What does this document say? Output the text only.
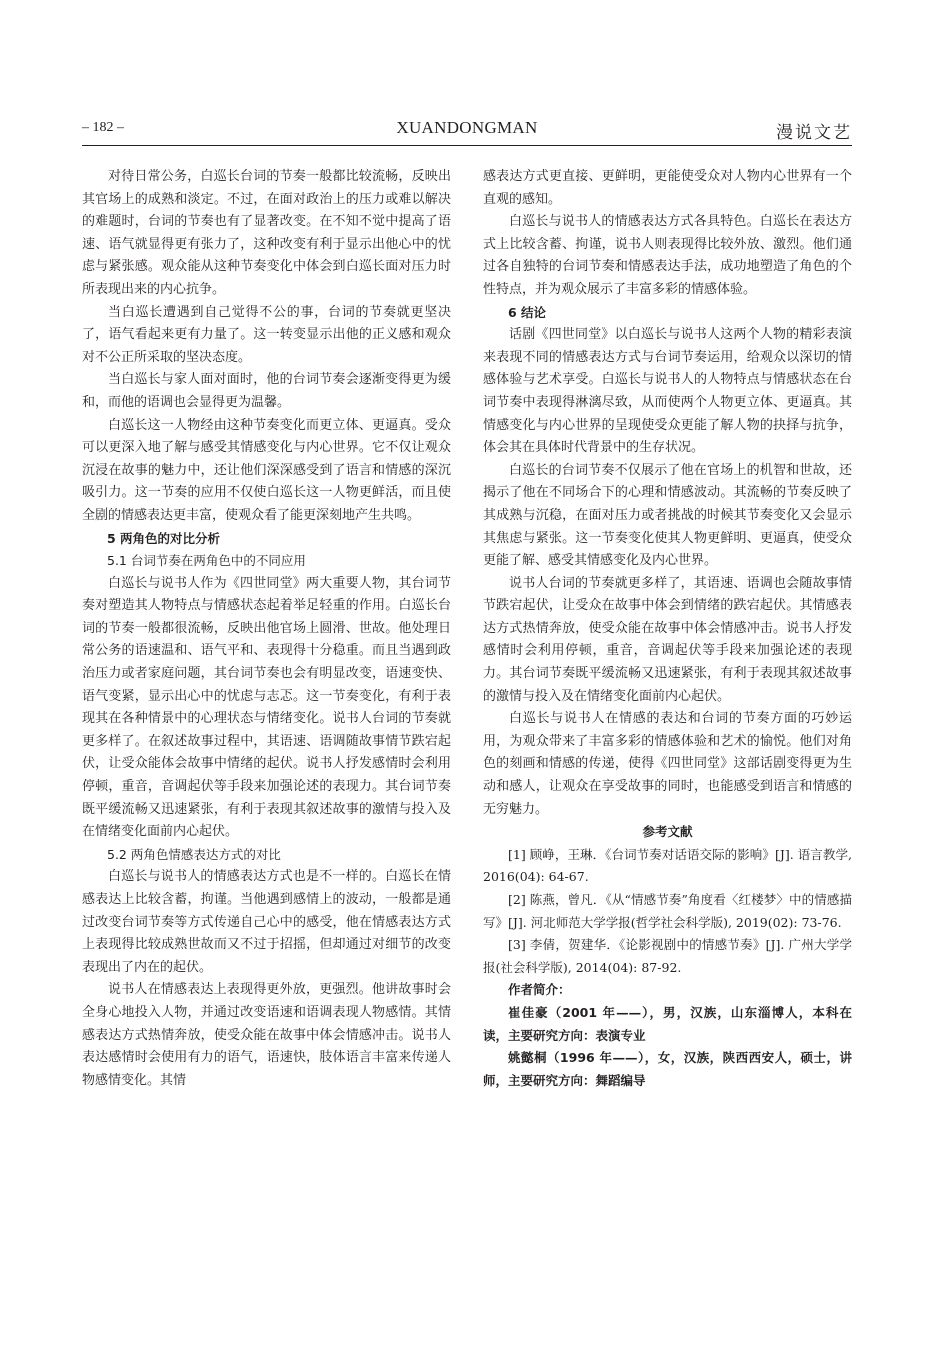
– 182 –	XUANDONGMAN	漫说文艺

对待日常公务，白巡长台词的节奏一般都比较流畅，反映出其官场上的成熟和淡定。不过，在面对政治上的压力或难以解决的难题时，台词的节奏也有了显著改变。在不知不觉中提高了语速、语气就显得更有张力了，这种改变有利于显示出他心中的忧虑与紧张感。观众能从这种节奏变化中体会到白巡长面对压力时所表现出来的内心抗争。

当白巡长遭遇到自己觉得不公的事，台词的节奏就更坚决了，语气看起来更有力量了。这一转变显示出他的正义感和观众对不公正所采取的坚决态度。

当白巡长与家人面对面时，他的台词节奏会逐渐变得更为缓和，而他的语调也会显得更为温馨。

白巡长这一人物经由这种节奏变化而更立体、更逼真。受众可以更深入地了解与感受其情感变化与内心世界。它不仅让观众沉浸在故事的魅力中，还让他们深深感受到了语言和情感的深沉吸引力。这一节奏的应用不仅使白巡长这一人物更鲜活，而且使全剧的情感表达更丰富，使观众看了能更深刻地产生共鸣。

5 两角色的对比分析

5.1 台词节奏在两角色中的不同应用

白巡长与说书人作为《四世同堂》两大重要人物，其台词节奏对塑造其人物特点与情感状态起着举足轻重的作用。白巡长台词的节奏一般都很流畅，反映出他官场上圆滑、世故。他处理日常公务的语速温和、语气平和、表现得十分稳重。而且当遇到政治压力或者家庭问题，其台词节奏也会有明显改变，语速变快、语气变紧，显示出心中的忧虑与志忑。这一节奏变化，有利于表现其在各种情景中的心理状态与情绪变化。说书人台词的节奏就更多样了。在叙述故事过程中，其语速、语调随故事情节跌宕起伏，让受众能体会故事中情绪的起伏。说书人抒发感情时会利用停顿，重音，音调起伏等手段来加强论述的表现力。其台词节奏既平缓流畅又迅速紧张，有利于表现其叙述故事的激情与投入及在情绪变化面前内心起伏。

5.2 两角色情感表达方式的对比

白巡长与说书人的情感表达方式也是不一样的。白巡长在情感表达上比较含蓄，拘谨。当他遇到感情上的波动，一般都是通过改变台词节奏等方式传递自己心中的感受，他在情感表达方式上表现得比较成熟世故而又不过于招摇，但却通过对细节的改变表现出了内在的起伏。

说书人在情感表达上表现得更外放，更强烈。他讲故事时会全身心地投入人物，并通过改变语速和语调表现人物感情。其情感表达方式热情奔放，使受众能在故事中体会情感冲击。说书人表达感情时会使用有力的语气，语速快，肢体语言丰富来传递人物感情变化。其情

感表达方式更直接、更鲜明，更能使受众对人物内心世界有一个直观的感知。

白巡长与说书人的情感表达方式各具特色。白巡长在表达方式上比较含蓄、拘谨，说书人则表现得比较外放、激烈。他们通过各自独特的台词节奏和情感表达手法，成功地塑造了角色的个性特点，并为观众展示了丰富多彩的情感体验。

6 结论

话剧《四世同堂》以白巡长与说书人这两个人物的精彩表演来表现不同的情感表达方式与台词节奏运用，给观众以深切的情感体验与艺术享受。白巡长与说书人的人物特点与情感状态在台词节奏中表现得淋漓尽致，从而使两个人物更立体、更逼真。其情感变化与内心世界的呈现使受众更能了解人物的抉择与抗争，体会其在具体时代背景中的生存状况。

白巡长的台词节奏不仅展示了他在官场上的机智和世故，还揭示了他在不同场合下的心理和情感波动。其流畅的节奏反映了其成熟与沉稳，在面对压力或者挑战的时候其节奏变化又会显示其焦虑与紧张。这一节奏变化使其人物更鲜明、更逼真，使受众更能了解、感受其情感变化及内心世界。

说书人台词的节奏就更多样了，其语速、语调也会随故事情节跌宕起伏，让受众在故事中体会到情绪的跌宕起伏。其情感表达方式热情奔放，使受众能在故事中体会情感冲击。说书人抒发感情时会利用停顿，重音，音调起伏等手段来加强论述的表现力。其台词节奏既平缓流畅又迅速紧张，有利于表现其叙述故事的激情与投入及在情绪变化面前内心起伏。

白巡长与说书人在情感的表达和台词的节奏方面的巧妙运用，为观众带来了丰富多彩的情感体验和艺术的愉悦。他们对角色的刻画和情感的传递，使得《四世同堂》这部话剧变得更为生动和感人，让观众在享受故事的同时，也能感受到语言和情感的无穷魅力。

参考文献

[1] 顾峥，王琳．《台词节奏对话语交际的影响》[J]. 语言教学, 2016(04): 64-67.

[2] 陈燕，曾凡．《从“情感节奏”角度看〈红楼梦〉中的情感描写》[J]. 河北师范大学学报(哲学社会科学版), 2019(02): 73-76.

[3] 李倩，贺建华．《论影视剧中的情感节奏》[J]. 广州大学学报(社会科学版), 2014(04): 87-92.

作者简介：

崔佳豪（2001 年——），男，汉族，山东淄博人，本科在读，主要研究方向：表演专业

姚懿桐（1996 年——），女，汉族，陕西西安人，硕士，讲师，主要研究方向：舞蹈编导
